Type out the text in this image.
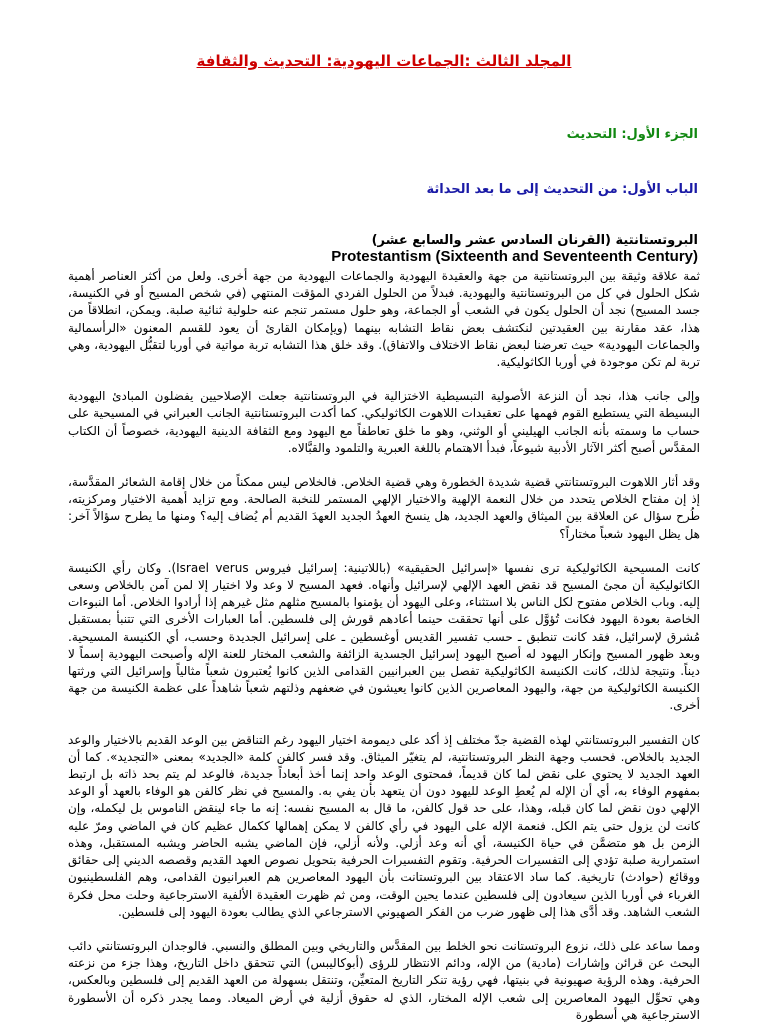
المجلد الثالث :الجماعات اليهودية: التحديث والثقافة
الجزء الأول: التحديث
الباب الأول: من التحديث إلى ما بعد الحداثة
البروتستانتية (القرنان السادس عشر والسابع عشر)
Protestantism (Sixteenth and Seventeenth Century)

ثمة علاقة وثيقة بين البروتستانتية من جهة والعقيدة اليهودية والجماعات اليهودية من جهة أخرى. ولعل من أكثر العناصر أهمية شكل الحلول في كل من البروتستانتية واليهودية. فبدلاً من الحلول الفردي المؤقت المنتهي (في شخص المسيح أو في الكنيسة، جسد المسيح) نجد أن الحلول يكون في الشعب أو الجماعة، وهو حلول مستمر تنجم عنه حلولية ثنائية صلبة. ويمكن، انطلاقاً من هذا، عقد مقارنة بين العقيدتين لنكتشف بعض نقاط التشابه بينهما (ويإمكان القارئ أن يعود للقسم المعنون «الرأسمالية والجماعات اليهودية» حيث تعرضنا لبعض نقاط الاختلاف والاتفاق). وقد خلق هذا التشابه تربة مواتية في أوربا لتقبُّل اليهودية، وهي تربة لم تكن موجودة في أوربا الكاثوليكية.

وإلى جانب هذا، نجد أن النزعة الأصولية التبسيطية الاختزالية في البروتستانتية جعلت الإصلاحيين يفضلون المبادئ اليهودية البسيطة التي يستطيع القوم فهمها على تعقيدات اللاهوت الكاثوليكي. كما أكدت البروتستانتية الجانب العبراني في المسيحية على حساب ما وسمته بأنه الجانب الهيليني أو الوثني، وهو ما خلق تعاطفاً مع اليهود ومع الثقافة الدينية اليهودية، خصوصاً أن الكتاب المقدَّس أصبح أكثر الآثار الأدبية شيوعاً، فبدأ الاهتمام باللغة العبرية والتلمود والقبَّالاه.

وقد أثار اللاهوت البروتستانتي قضية شديدة الخطورة وهي قضية الخلاص. فالخلاص ليس ممكناً من خلال إقامة الشعائر المقدَّسة، إذ إن مفتاح الخلاص يتحدد من خلال النعمة الإلهية والاختيار الإلهي المستمر للنخبة الصالحة. ومع تزايد أهمية الاختيار ومركزيته، طُرح سؤال عن العلاقة بين الميثاق والعهد الجديد، هل ينسخ العهدُ الجديد العهدَ القديم أم يُضاف إليه؟ ومنها ما يطرح سؤالاً آخر: هل يظل اليهود شعباً مختاراً؟

كانت المسيحية الكاثوليكية ترى نفسها «إسرائيل الحقيقية» (باللاتينية: إسرائيل فيروس Israel verus). وكان رأي الكنيسة الكاثوليكية أن مجئ المسيح قد نقض العهد الإلهي لإسرائيل وأنهاه. فعهد المسيح لا وعد ولا اختيار إلا لمن آمن بالخلاص وسعى إليه. وباب الخلاص مفتوح لكل الناس بلا استثناء، وعلى اليهود أن يؤمنوا بالمسيح مثلهم مثل غيرهم إذا أرادوا الخلاص. أما النبوءات الخاصة بعودة اليهود فكانت تُؤوَّل على أنها تحققت حينما أعادهم قورش إلى فلسطين. أما العبارات الأخرى التي تتنبأ بمستقبل مُشرق لإسرائيل، فقد كانت تنطبق ـ حسب تفسير القديس أوغسطين ـ على إسرائيل الجديدة وحسب، أي الكنيسة المسيحية. وبعد ظهور المسيح وإنكار اليهود له أصبح اليهود إسرائيل الجسدية الزائفة والشعب المختار للعنة الإله وأصبحت اليهودية إسماً لا ديناً. ونتيجة لذلك، كانت الكنيسة الكاثوليكية تفصل بين العبرانيين القدامى الذين كانوا يُعتبرون شعباً مثالياً وإسرائيل التي ورثتها الكنيسة الكاثوليكية من جهة، واليهود المعاصرين الذين كانوا يعيشون في ضعفهم وذلتهم شعباً شاهداً على عظمة الكنيسة من جهة أخرى.

كان التفسير البروتستانتي لهذه القضية جدّ مختلف إذ أكد على ديمومة اختيار اليهود رغم التناقض بين الوعد القديم بالاختيار والوعد الجديد بالخلاص. فحسب وجهة النظر البروتستانتية، لم يتغيّر الميثاق. وقد فسر كالفن كلمة «الجديد» بمعنى «التجديد». كما أن العهد الجديد لا يحتوي على نقض لما كان قديماً، فمحتوى الوعد واحد إنما أخذ أبعاداً جديدة، فالوعد لم يتم بحد ذاته بل ارتبط بمفهوم الوفاء به، أي أن الإله لم يُعطِ الوعد لليهود دون أن يتعهد بأن يفي به. والمسيح في نظر كالفن هو الوفاء بالعهد أو الوعد الإلهي دون نقض لما كان قبله، وهذا، على حد قول كالفن، ما قال به المسيح نفسه: إنه ما جاء لينقض الناموس بل ليكمله، وإن كانت لن يزول حتى يتم الكل. فنعمة الإله على اليهود في رأي كالفن لا يمكن إهمالها ككمال عظيم كان في الماضي ومرّ عليه الزمن بل هو متضمَّن في حياة الكنيسة، أي أنه وعد أزلي. ولأنه أزلي، فإن الماضي يشبه الحاضر ويشبه المستقبل، وهذه استمرارية صلبة تؤدي إلى التفسيرات الحرفية. وتقوم التفسيرات الحرفية بتحويل نصوص العهد القديم وقصصه الديني إلى حقائق ووقائع (حوادث) تاريخية. كما ساد الاعتقاد بين البروتستانت بأن اليهود المعاصرين هم العبرانيون القدامى، وهم الفلسطينيون الغرباء في أوربا الذين سيعادون إلى فلسطين عندما يحين الوقت، ومن ثم ظهرت العقيدة الألفية الاسترجاعية وحلت محل فكرة الشعب الشاهد. وقد أدَّى هذا إلى ظهور ضرب من الفكر الصهيوني الاسترجاعي الذي يطالب بعودة اليهود إلى فلسطين.

ومما ساعد على ذلك، نزوع البروتستانت نحو الخلط بين المقدَّس والتاريخي وبين المطلق والنسبي. فالوجدان البروتستانتي دائب البحث عن قرائن وإشارات (مادية) من الإله، ودائم الانتظار للرؤى (أبوكاليبس) التي تتحقق داخل التاريخ، وهذا جزء من نزعته الحرفية. وهذه الرؤية صهيونية في بنيتها، فهي رؤية تنكر التاريخ المتعيِّن، وتنتقل بسهولة من العهد القديم إلى فلسطين وبالعكس، وهي تحوِّل اليهود المعاصرين إلى شعب الإله المختار، الذي له حقوق أزلية في أرض الميعاد. ومما يجدر ذكره أن الأسطورة الاسترجاعية هي أسطورة
